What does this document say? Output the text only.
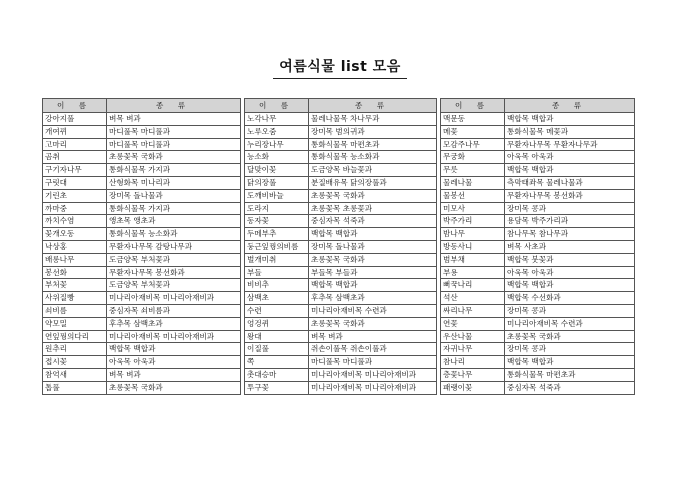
여름식물 list 모음
이 름	종 류
강아지풀	벼목 벼과
개여뀌	마디풀목 마디풀과
고마리	마디풀목 마디풀과
곰취	초롱꽃목 국화과
구기자나무	통화식물목 가지과
구릿대	산형화목 미나리과
기린초	장미목 돌나물과
까마중	통화식물목 가지과
까치수염	앵초목 앵초과
꽃개오동	통화식물목 능소화과
낙상홍	무환자나무목 감탕나무과
배롱나무	도금양목 부처꽃과
봉선화	무환자나무목 봉선화과
부처꽃	도금양목 부처꽃과
사위질빵	미나리아재비목 미나리아재비과
쇠비름	중심자목 쇠비름과
약모밀	후추목 삼백초과
연잎꿩의다리	미나리아재비목 미나리아재비과
원추리	백합목 백합과
접시꽃	아욱목 아욱과
참억새	벼목 벼과
톱풀	초롱꽃목 국화과
이 름	종 류
노각나무	물레나물목 차나무과
노루오줌	장미목 범의귀과
누리장나무	통화식물목 마편초과
능소화	통화식물목 능소화과
달맞이꽃	도금양목 바늘꽃과
닭의장풀	분질배유목 닭의장풀과
도깨비바늘	초롱꽃목 국화과
도라지	초롱꽃목 초롱꽃과
동자꽃	중심자목 석죽과
두메부추	백합목 백합과
둥근잎꿩의비름	장미목 돌나물과
벌개미취	초롱꽃목 국화과
부들	부들목 부들과
비비추	백합목 백합과
삼백초	후추목 삼백초과
수련	미나리아재비목 수련과
엉겅퀴	초롱꽃목 국화과
왕대	벼목 벼과
이질풀	쥐손이풀목 쥐손이풀과
쪽	마디풀목 마디풀과
촛대승마	미나리아재비목 미나리아재비과
투구꽃	미나리아재비목 미나리아재비과
이 름	종 류
맥문동	백합목 백합과
메꽃	통화식물목 메꽃과
모감주나무	무환자나무목 무환자나무과
무궁화	아욱목 아욱과
무릇	백합목 백합과
물레나물	측막태좌목 물레나물과
물봉선	무환자나무목 봉선화과
미모사	장미목 콩과
박주가리	용담목 박주가리과
밤나무	참나무목 참나무과
방동사니	벼목 사초과
범부채	백합목 붓꽃과
부용	아욱목 아욱과
뻐꾹나리	백합목 백합과
석산	백합목 수선화과
싸리나무	장미목 콩과
연꽃	미나리아재비목 수련과
우산나물	초롱꽃목 국화과
자귀나무	장미목 콩과
참나리	백합목 백합과
층꽃나무	통화식물목 마편초과
패랭이꽃	중심자목 석죽과
